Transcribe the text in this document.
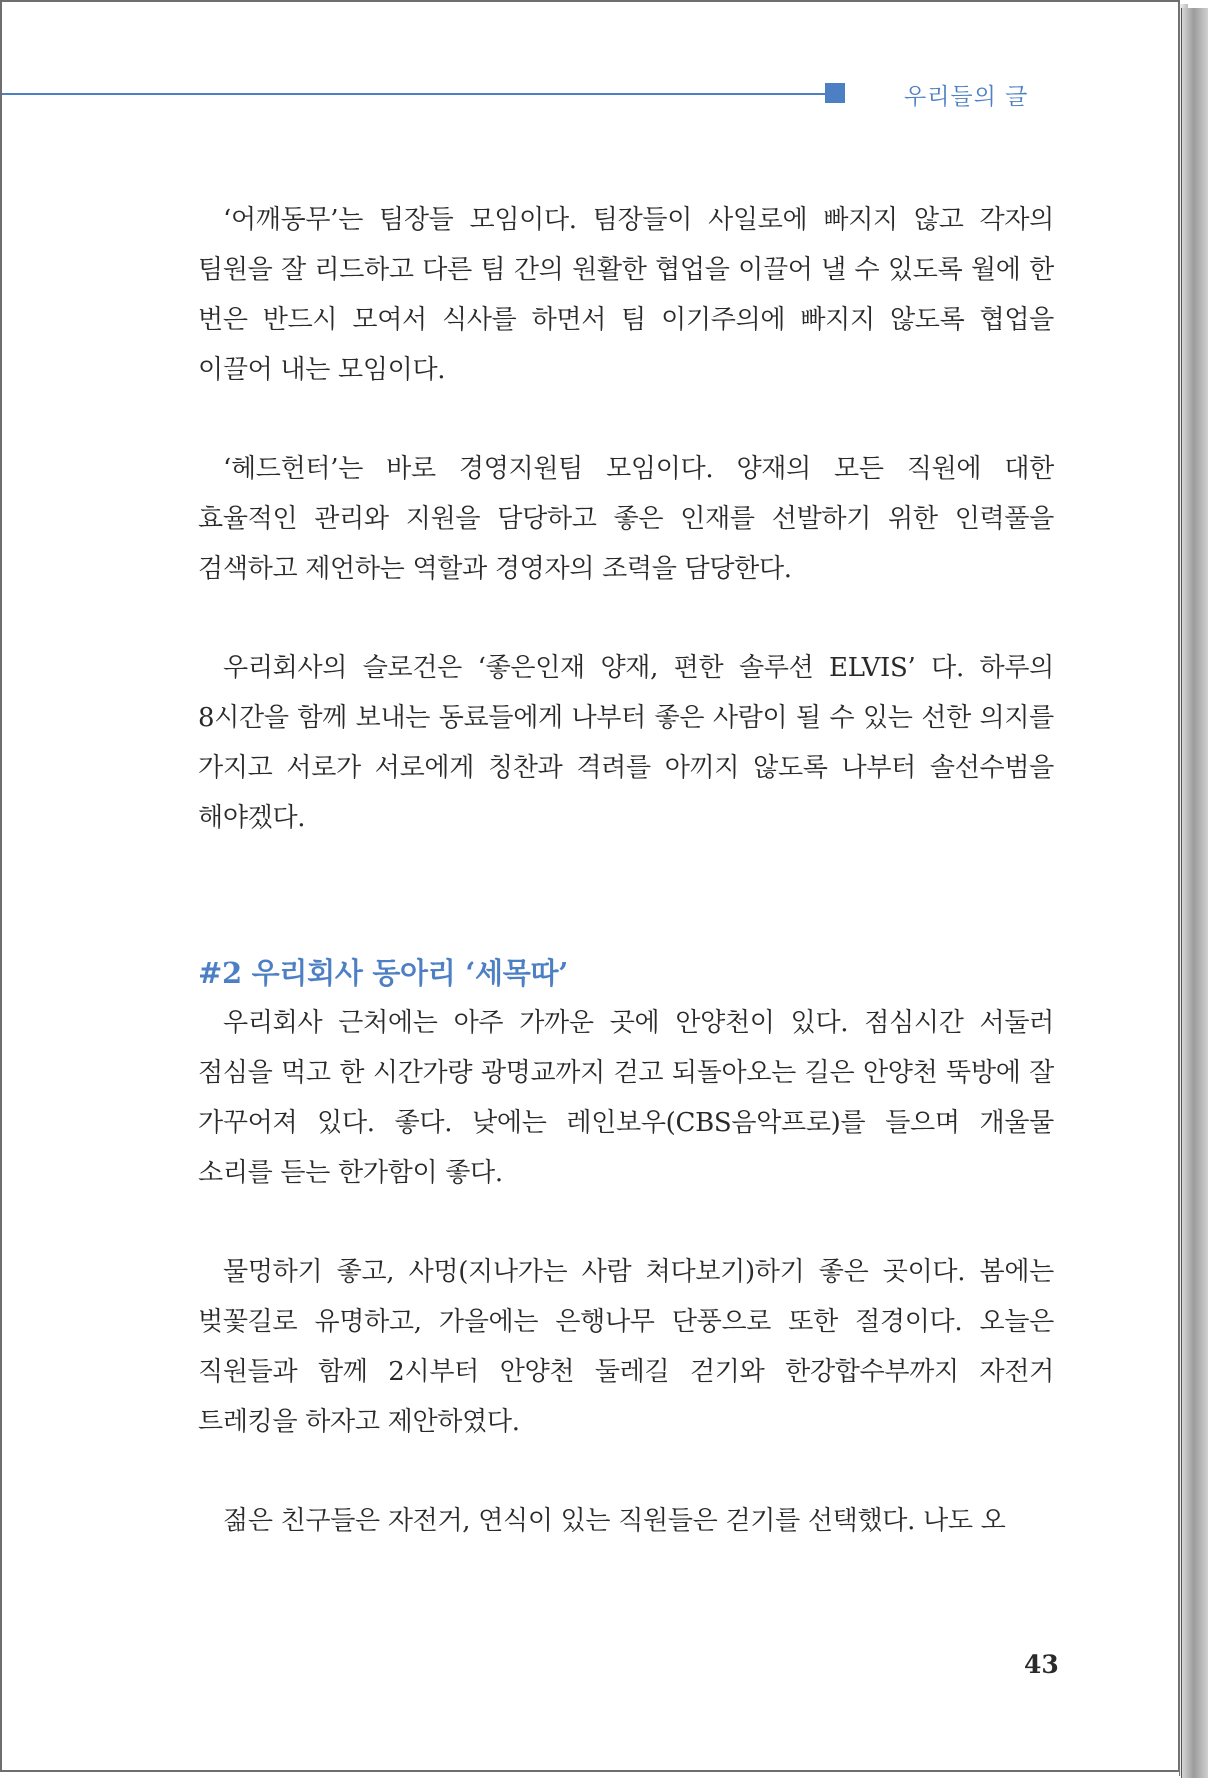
우리들의 글

‘어깨동무’는 팀장들 모임이다. 팀장들이 사일로에 빠지지 않고 각자의 팀원을 잘 리드하고 다른 팀 간의 원활한 협업을 이끌어 낼 수 있도록 월에 한 번은 반드시 모여서 식사를 하면서 팀 이기주의에 빠지지 않도록 협업을 이끌어 내는 모임이다.

‘헤드헌터’는 바로 경영지원팀 모임이다. 양재의 모든 직원에 대한 효율적인 관리와 지원을 담당하고 좋은 인재를 선발하기 위한 인력풀을 검색하고 제언하는 역할과 경영자의 조력을 담당한다.

우리회사의 슬로건은 ‘좋은인재 양재, 편한 솔루션 ELVIS’ 다. 하루의 8시간을 함께 보내는 동료들에게 나부터 좋은 사람이 될 수 있는 선한 의지를 가지고 서로가 서로에게 칭찬과 격려를 아끼지 않도록 나부터 솔선수범을 해야겠다.

#2 우리회사 동아리 ‘세목따’

우리회사 근처에는 아주 가까운 곳에 안양천이 있다. 점심시간 서둘러 점심을 먹고 한 시간가량 광명교까지 걷고 되돌아오는 길은 안양천 뚝방에 잘 가꾸어져 있다. 좋다. 낮에는 레인보우(CBS음악프로)를 들으며 개울물 소리를 듣는 한가함이 좋다.

물멍하기 좋고, 사멍(지나가는 사람 쳐다보기)하기 좋은 곳이다. 봄에는 벚꽃길로 유명하고, 가을에는 은행나무 단풍으로 또한 절경이다. 오늘은 직원들과 함께 2시부터 안양천 둘레길 걷기와 한강합수부까지 자전거 트레킹을 하자고 제안하였다.

젊은 친구들은 자전거, 연식이 있는 직원들은 걷기를 선택했다. 나도 오

43
